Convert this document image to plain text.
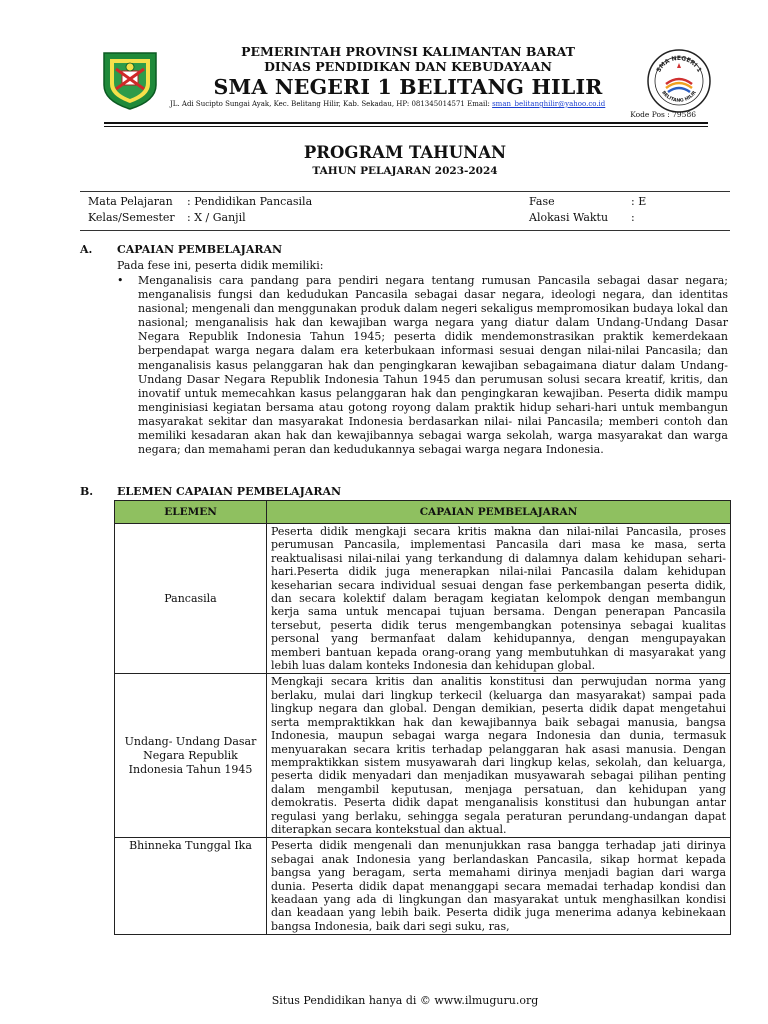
PEMERINTAH PROVINSI KALIMANTAN BARAT
DINAS PENDIDIKAN DAN KEBUDAYAAN
SMA NEGERI 1 BELITANG HILIR
SMA NEGERI 1
BELITANG HILIR
JL. Adi Sucipto Sungai Ayak, Kec. Belitang Hilir, Kab. Sekadau, HP: 081345014571 Email: sman_belitanghilir@yahoo.co.id
Kode Pos : 79586
PROGRAM TAHUNAN
TAHUN PELAJARAN 2023-2024
Mata Pelajaran : Pendidikan Pancasila
Kelas/Semester : X / Ganjil
Fase	: E
Alokasi Waktu :
A. CAPAIAN PEMBELAJARAN
Pada fese ini, peserta didik memiliki:
• Menganalisis cara pandang para pendiri negara tentang rumusan Pancasila sebagai dasar negara; menganalisis fungsi dan kedudukan Pancasila sebagai dasar negara, ideologi negara, dan identitas nasional; mengenali dan menggunakan produk dalam negeri sekaligus mempromosikan budaya lokal dan nasional; menganalisis hak dan kewajiban warga negara yang diatur dalam Undang-Undang Dasar Negara Republik Indonesia Tahun 1945; peserta didik mendemonstrasikan praktik kemerdekaan berpendapat warga negara dalam era keterbukaan informasi sesuai dengan nilai-nilai Pancasila; dan menganalisis kasus pelanggaran hak dan pengingkaran kewajiban sebagaimana diatur dalam Undang-Undang Dasar Negara Republik Indonesia Tahun 1945 dan perumusan solusi secara kreatif, kritis, dan inovatif untuk memecahkan kasus pelanggaran hak dan pengingkaran kewajiban. Peserta didik mampu menginisiasi kegiatan bersama atau gotong royong dalam praktik hidup sehari-hari untuk membangun masyarakat sekitar dan masyarakat Indonesia berdasarkan nilai- nilai Pancasila; memberi contoh dan memiliki kesadaran akan hak dan kewajibannya sebagai warga sekolah, warga masyarakat dan warga negara; dan memahami peran dan kedudukannya sebagai warga negara Indonesia.
B. ELEMEN CAPAIAN PEMBELAJARAN
ELEMEN	CAPAIAN PEMBELAJARAN
Pancasila	Peserta didik mengkaji secara kritis makna dan nilai-nilai Pancasila, proses perumusan Pancasila, implementasi Pancasila dari masa ke masa, serta reaktualisasi nilai-nilai yang terkandung di dalamnya dalam kehidupan sehari-hari.Peserta didik juga menerapkan nilai-nilai Pancasila dalam kehidupan keseharian secara individual sesuai dengan fase perkembangan peserta didik, dan secara kolektif dalam beragam kegiatan kelompok dengan membangun kerja sama untuk mencapai tujuan bersama. Dengan penerapan Pancasila tersebut, peserta didik terus mengembangkan potensinya sebagai kualitas personal yang bermanfaat dalam kehidupannya, dengan mengupayakan memberi bantuan kepada orang-orang yang membutuhkan di masyarakat yang lebih luas dalam konteks Indonesia dan kehidupan global.
Undang- Undang Dasar Negara Republik Indonesia Tahun 1945	Mengkaji secara kritis dan analitis konstitusi dan perwujudan norma yang berlaku, mulai dari lingkup terkecil (keluarga dan masyarakat) sampai pada lingkup negara dan global. Dengan demikian, peserta didik dapat mengetahui serta mempraktikkan hak dan kewajibannya baik sebagai manusia, bangsa Indonesia, maupun sebagai warga negara Indonesia dan dunia, termasuk menyuarakan secara kritis terhadap pelanggaran hak asasi manusia. Dengan mempraktikkan sistem musyawarah dari lingkup kelas, sekolah, dan keluarga, peserta didik menyadari dan menjadikan musyawarah sebagai pilihan penting dalam mengambil keputusan, menjaga persatuan, dan kehidupan yang demokratis. Peserta didik dapat menganalisis konstitusi dan hubungan antar regulasi yang berlaku, sehingga segala peraturan perundang-undangan dapat diterapkan secara kontekstual dan aktual.
Bhinneka Tunggal Ika	Peserta didik mengenali dan menunjukkan rasa bangga terhadap jati dirinya sebagai anak Indonesia yang berlandaskan Pancasila, sikap hormat kepada bangsa yang beragam, serta memahami dirinya menjadi bagian dari warga dunia. Peserta didik dapat menanggapi secara memadai terhadap kondisi dan keadaan yang ada di lingkungan dan masyarakat untuk menghasilkan kondisi dan keadaan yang lebih baik. Peserta didik juga menerima adanya kebinekaan bangsa Indonesia, baik dari segi suku, ras,
Situs Pendidikan hanya di © www.ilmuguru.org
